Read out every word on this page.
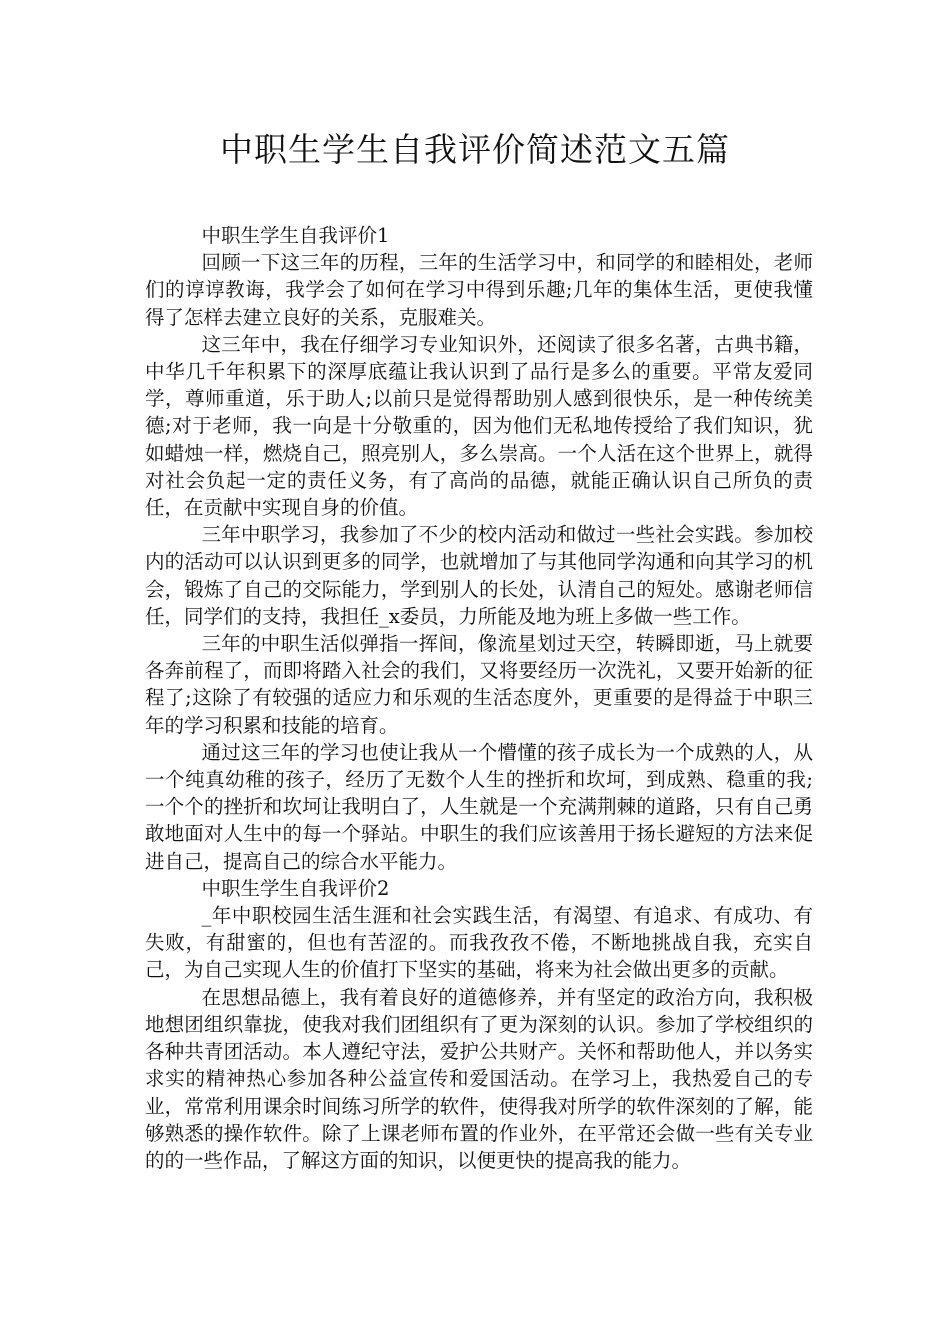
中职生学生自我评价简述范文五篇

中职生学生自我评价1

回顾一下这三年的历程，三年的生活学习中，和同学的和睦相处，老师们的谆谆教诲，我学会了如何在学习中得到乐趣;几年的集体生活，更使我懂得了怎样去建立良好的关系，克服难关。

这三年中，我在仔细学习专业知识外，还阅读了很多名著，古典书籍，中华几千年积累下的深厚底蕴让我认识到了品行是多么的重要。平常友爱同学，尊师重道，乐于助人;以前只是觉得帮助别人感到很快乐，是一种传统美德;对于老师，我一向是十分敬重的，因为他们无私地传授给了我们知识，犹如蜡烛一样，燃烧自己，照亮别人，多么崇高。一个人活在这个世界上，就得对社会负起一定的责任义务，有了高尚的品德，就能正确认识自己所负的责任，在贡献中实现自身的价值。

三年中职学习，我参加了不少的校内活动和做过一些社会实践。参加校内的活动可以认识到更多的同学，也就增加了与其他同学沟通和向其学习的机会，锻炼了自己的交际能力，学到别人的长处，认清自己的短处。感谢老师信任，同学们的支持，我担任_x委员，力所能及地为班上多做一些工作。

三年的中职生活似弹指一挥间，像流星划过天空，转瞬即逝，马上就要各奔前程了，而即将踏入社会的我们，又将要经历一次洗礼，又要开始新的征程了;这除了有较强的适应力和乐观的生活态度外，更重要的是得益于中职三年的学习积累和技能的培育。

通过这三年的学习也使让我从一个懵懂的孩子成长为一个成熟的人，从一个纯真幼稚的孩子，经历了无数个人生的挫折和坎坷，到成熟、稳重的我;一个个的挫折和坎坷让我明白了，人生就是一个充满荆棘的道路，只有自己勇敢地面对人生中的每一个驿站。中职生的我们应该善用于扬长避短的方法来促进自己，提高自己的综合水平能力。

中职生学生自我评价2

_年中职校园生活生涯和社会实践生活，有渴望、有追求、有成功、有失败，有甜蜜的，但也有苦涩的。而我孜孜不倦，不断地挑战自我，充实自己，为自己实现人生的价值打下坚实的基础，将来为社会做出更多的贡献。

在思想品德上，我有着良好的道德修养，并有坚定的政治方向，我积极地想团组织靠拢，使我对我们团组织有了更为深刻的认识。参加了学校组织的各种共青团活动。本人遵纪守法，爱护公共财产。关怀和帮助他人，并以务实求实的精神热心参加各种公益宣传和爱国活动。在学习上，我热爱自己的专业，常常利用课余时间练习所学的软件，使得我对所学的软件深刻的了解，能够熟悉的操作软件。除了上课老师布置的作业外，在平常还会做一些有关专业的的一些作品，了解这方面的知识，以便更快的提高我的能力。
